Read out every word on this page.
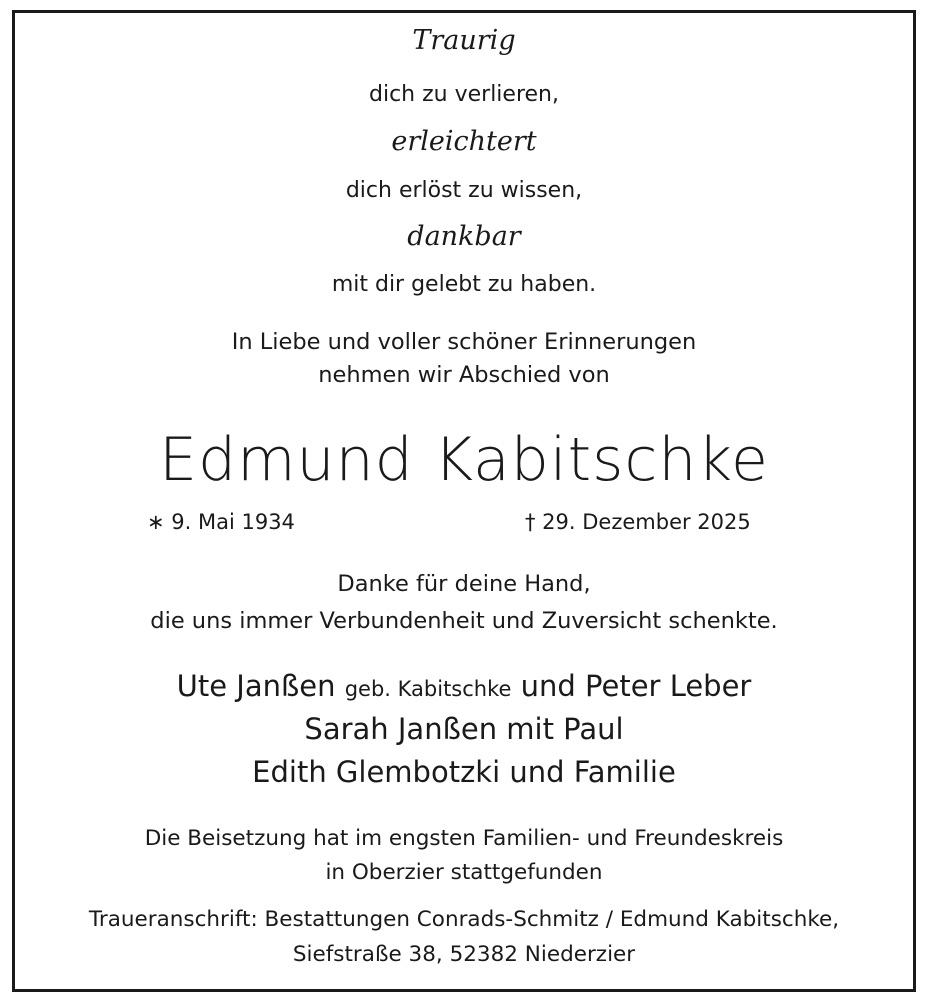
Traurig
dich zu verlieren,
erleichtert
dich erlöst zu wissen,
dankbar
mit dir gelebt zu haben.
In Liebe und voller schöner Erinnerungen
nehmen wir Abschied von
Edmund Kabitschke
∗ 9. Mai 1934	† 29. Dezember 2025
Danke für deine Hand,
die uns immer Verbundenheit und Zuversicht schenkte.
Ute Janßen geb. Kabitschke und Peter Leber
Sarah Janßen mit Paul
Edith Glembotzki und Familie
Die Beisetzung hat im engsten Familien- und Freundeskreis
in Oberzier stattgefunden
Traueranschrift: Bestattungen Conrads-Schmitz / Edmund Kabitschke,
Siefstraße 38, 52382 Niederzier
